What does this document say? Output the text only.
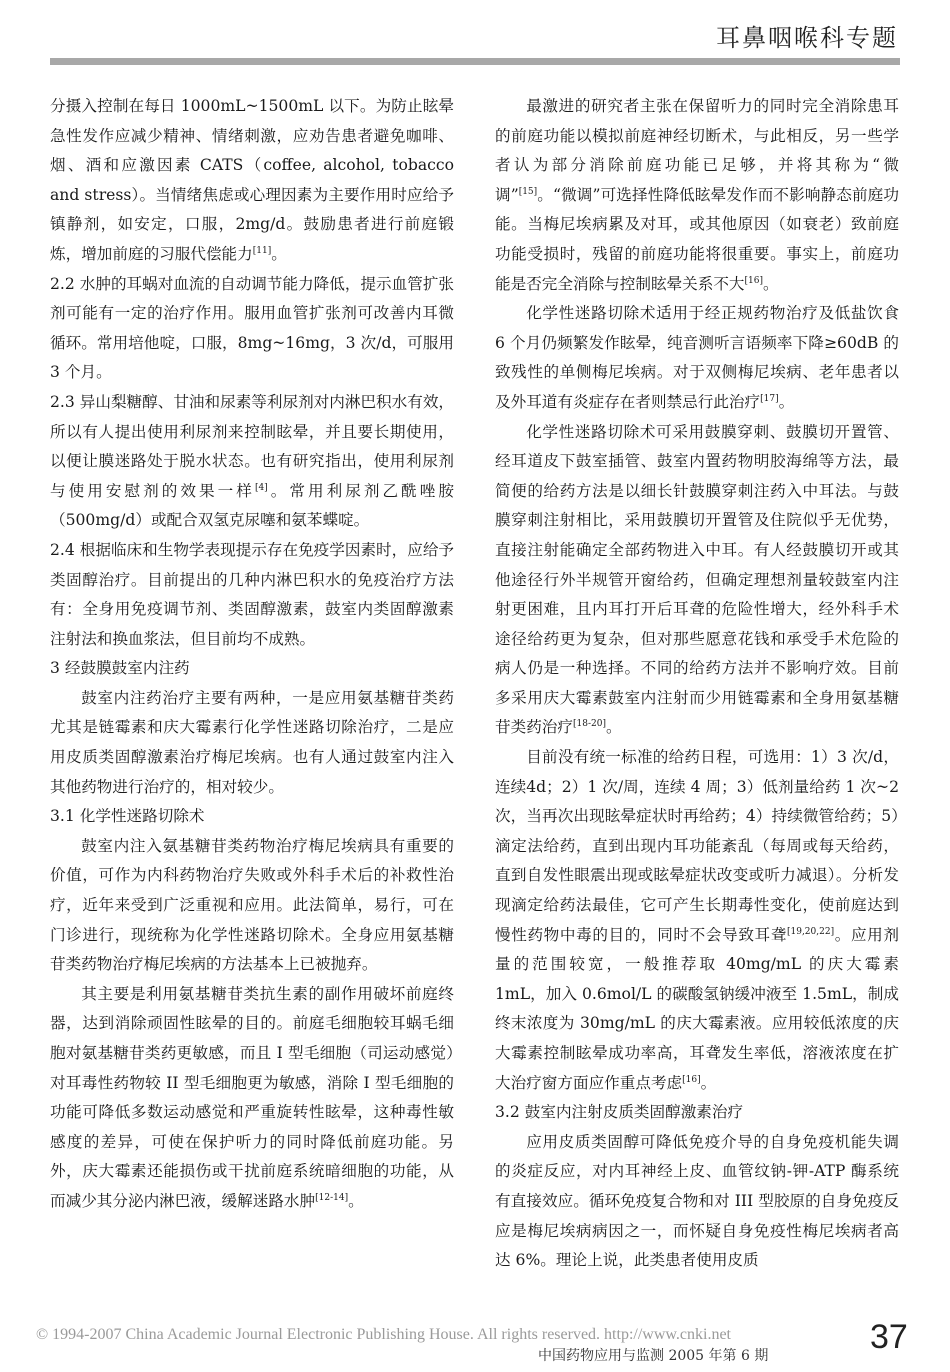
耳鼻咽喉科专题

分摄入控制在每日 1000mL~1500mL 以下。为防止眩晕急性发作应减少精神、情绪刺激，应劝告患者避免咖啡、烟、酒和应激因素 CATS（coffee, alcohol, tobacco and stress）。当情绪焦虑或心理因素为主要作用时应给予镇静剂，如安定，口服，2mg/d。鼓励患者进行前庭锻炼，增加前庭的习服代偿能力[11]。

2.2 水肿的耳蜗对血流的自动调节能力降低，提示血管扩张剂可能有一定的治疗作用。服用血管扩张剂可改善内耳微循环。常用培他啶，口服，8mg~16mg，3 次/d，可服用 3 个月。

2.3 异山梨糖醇、甘油和尿素等利尿剂对内淋巴积水有效，所以有人提出使用利尿剂来控制眩晕，并且要长期使用，以便让膜迷路处于脱水状态。也有研究指出，使用利尿剂与使用安慰剂的效果一样[4]。常用利尿剂乙酰唑胺（500mg/d）或配合双氢克尿噻和氨苯蝶啶。

2.4 根据临床和生物学表现提示存在免疫学因素时，应给予类固醇治疗。目前提出的几种内淋巴积水的免疫治疗方法有：全身用免疫调节剂、类固醇激素，鼓室内类固醇激素注射法和换血浆法，但目前均不成熟。

3 经鼓膜鼓室内注药

鼓室内注药治疗主要有两种，一是应用氨基糖苷类药尤其是链霉素和庆大霉素行化学性迷路切除治疗，二是应用皮质类固醇激素治疗梅尼埃病。也有人通过鼓室内注入其他药物进行治疗的，相对较少。

3.1 化学性迷路切除术

鼓室内注入氨基糖苷类药物治疗梅尼埃病具有重要的价值，可作为内科药物治疗失败或外科手术后的补救性治疗，近年来受到广泛重视和应用。此法简单，易行，可在门诊进行，现统称为化学性迷路切除术。全身应用氨基糖苷类药物治疗梅尼埃病的方法基本上已被抛弃。

其主要是利用氨基糖苷类抗生素的副作用破坏前庭终器，达到消除顽固性眩晕的目的。前庭毛细胞较耳蜗毛细胞对氨基糖苷类药更敏感，而且 I 型毛细胞（司运动感觉）对耳毒性药物较 II 型毛细胞更为敏感，消除 I 型毛细胞的功能可降低多数运动感觉和严重旋转性眩晕，这种毒性敏感度的差异，可使在保护听力的同时降低前庭功能。另外，庆大霉素还能损伤或干扰前庭系统暗细胞的功能，从而减少其分泌内淋巴液，缓解迷路水肿[12-14]。

最激进的研究者主张在保留听力的同时完全消除患耳的前庭功能以模拟前庭神经切断术，与此相反，另一些学者认为部分消除前庭功能已足够，并将其称为“微调”[15]。“微调”可选择性降低眩晕发作而不影响静态前庭功能。当梅尼埃病累及对耳，或其他原因（如衰老）致前庭功能受损时，残留的前庭功能将很重要。事实上，前庭功能是否完全消除与控制眩晕关系不大[16]。

化学性迷路切除术适用于经正规药物治疗及低盐饮食 6 个月仍频繁发作眩晕，纯音测听言语频率下降≥60dB 的致残性的单侧梅尼埃病。对于双侧梅尼埃病、老年患者以及外耳道有炎症存在者则禁忌行此治疗[17]。

化学性迷路切除术可采用鼓膜穿刺、鼓膜切开置管、经耳道皮下鼓室插管、鼓室内置药物明胶海绵等方法，最简便的给药方法是以细长针鼓膜穿刺注药入中耳法。与鼓膜穿刺注射相比，采用鼓膜切开置管及住院似乎无优势，直接注射能确定全部药物进入中耳。有人经鼓膜切开或其他途径行外半规管开窗给药，但确定理想剂量较鼓室内注射更困难，且内耳打开后耳聋的危险性增大，经外科手术途径给药更为复杂，但对那些愿意花钱和承受手术危险的病人仍是一种选择。不同的给药方法并不影响疗效。目前多采用庆大霉素鼓室内注射而少用链霉素和全身用氨基糖苷类药治疗[18-20]。

目前没有统一标准的给药日程，可选用：1）3 次/d，连续4d；2）1 次/周，连续 4 周；3）低剂量给药 1 次~2 次，当再次出现眩晕症状时再给药；4）持续微管给药；5）滴定法给药，直到出现内耳功能紊乱（每周或每天给药，直到自发性眼震出现或眩晕症状改变或听力减退）。分析发现滴定给药法最佳，它可产生长期毒性变化，使前庭达到慢性药物中毒的目的，同时不会导致耳聋[19,20,22]。应用剂量的范围较宽，一般推荐取 40mg/mL 的庆大霉素 1mL，加入 0.6mol/L 的碳酸氢钠缓冲液至 1.5mL，制成终末浓度为 30mg/mL 的庆大霉素液。应用较低浓度的庆大霉素控制眩晕成功率高，耳聋发生率低，溶液浓度在扩大治疗窗方面应作重点考虑[16]。

3.2 鼓室内注射皮质类固醇激素治疗

应用皮质类固醇可降低免疫介导的自身免疫机能失调的炎症反应，对内耳神经上皮、血管纹钠-钾-ATP 酶系统有直接效应。循环免疫复合物和对 III 型胶原的自身免疫反应是梅尼埃病病因之一，而怀疑自身免疫性梅尼埃病者高达 6%。理论上说，此类患者使用皮质

© 1994-2007 China Academic Journal Electronic Publishing House. All rights reserved. http://www.cnki.net
中国药物应用与监测 2005 年第 6 期	37
